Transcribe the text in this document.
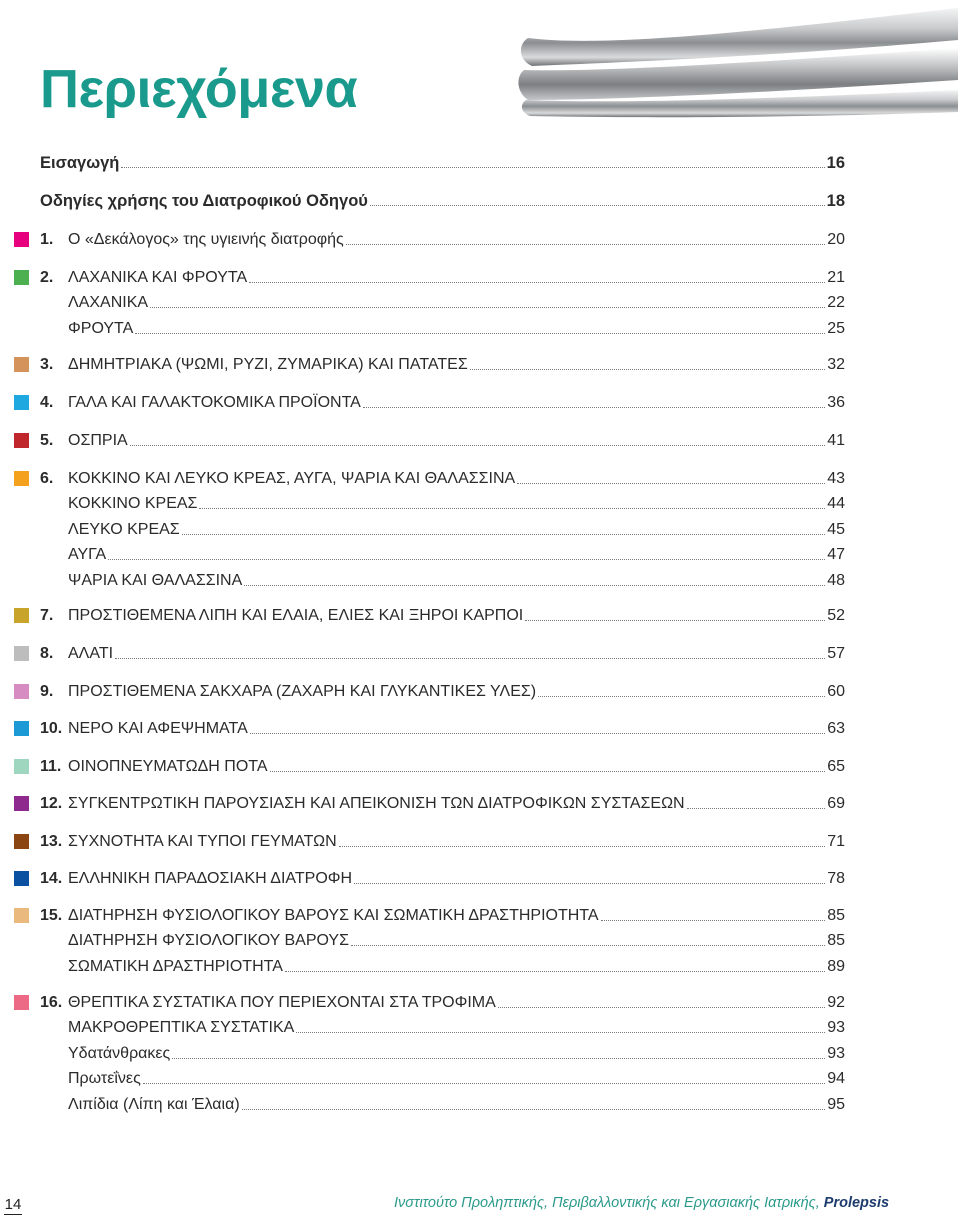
Περιεχόμενα
Εισαγωγή	16
Οδηγίες χρήσης του Διατροφικού Οδηγού	18
1. Ο «Δεκάλογος» της υγιεινής διατροφής	20
2. ΛΑΧΑΝΙΚΑ ΚΑΙ ΦΡΟΥΤΑ	21
ΛΑΧΑΝΙΚΑ	22
ΦΡΟΥΤΑ	25
3. ΔΗΜΗΤΡΙΑΚΑ (ΨΩΜΙ, ΡΥΖΙ, ΖΥΜΑΡΙΚΑ) ΚΑΙ ΠΑΤΑΤΕΣ	32
4. ΓΑΛΑ ΚΑΙ ΓΑΛΑΚΤΟΚΟΜΙΚΑ ΠΡΟΪΟΝΤΑ	36
5. ΟΣΠΡΙΑ	41
6. ΚΟΚΚΙΝΟ ΚΑΙ ΛΕΥΚΟ ΚΡΕΑΣ, ΑΥΓΑ, ΨΑΡΙΑ ΚΑΙ ΘΑΛΑΣΣΙΝΑ	43
ΚΟΚΚΙΝΟ ΚΡΕΑΣ	44
ΛΕΥΚΟ ΚΡΕΑΣ	45
ΑΥΓΑ	47
ΨΑΡΙΑ ΚΑΙ ΘΑΛΑΣΣΙΝΑ	48
7. ΠΡΟΣΤΙΘΕΜΕΝΑ ΛΙΠΗ ΚΑΙ ΕΛΑΙΑ, ΕΛΙΕΣ ΚΑΙ ΞΗΡΟΙ ΚΑΡΠΟΙ	52
8. ΑΛΑΤΙ	57
9. ΠΡΟΣΤΙΘΕΜΕΝΑ ΣΑΚΧΑΡΑ (ΖΑΧΑΡΗ ΚΑΙ ΓΛΥΚΑΝΤΙΚΕΣ ΥΛΕΣ)	60
10. ΝΕΡΟ ΚΑΙ ΑΦΕΨΗΜΑΤΑ	63
11. ΟΙΝΟΠΝΕΥΜΑΤΩΔΗ ΠΟΤΑ	65
12. ΣΥΓΚΕΝΤΡΩΤΙΚΗ ΠΑΡΟΥΣΙΑΣΗ ΚΑΙ ΑΠΕΙΚΟΝΙΣΗ ΤΩΝ ΔΙΑΤΡΟΦΙΚΩΝ ΣΥΣΤΑΣΕΩΝ	69
13. ΣΥΧΝΟΤΗΤΑ ΚΑΙ ΤΥΠΟΙ ΓΕΥΜΑΤΩΝ	71
14. ΕΛΛΗΝΙΚΗ ΠΑΡΑΔΟΣΙΑΚΗ ΔΙΑΤΡΟΦΗ	78
15. ΔΙΑΤΗΡΗΣΗ ΦΥΣΙΟΛΟΓΙΚΟΥ ΒΑΡΟΥΣ ΚΑΙ ΣΩΜΑΤΙΚΗ ΔΡΑΣΤΗΡΙΟΤΗΤΑ	85
ΔΙΑΤΗΡΗΣΗ ΦΥΣΙΟΛΟΓΙΚΟΥ ΒΑΡΟΥΣ	85
ΣΩΜΑΤΙΚΗ ΔΡΑΣΤΗΡΙΟΤΗΤΑ	89
16. ΘΡΕΠΤΙΚΑ ΣΥΣΤΑΤΙΚΑ ΠΟΥ ΠΕΡΙΕΧΟΝΤΑΙ ΣΤΑ ΤΡΟΦΙΜΑ	92
ΜΑΚΡΟΘΡΕΠΤΙΚΑ ΣΥΣΤΑΤΙΚΑ	93
Υδατάνθρακες	93
Πρωτεΐνες	94
Λιπίδια (Λίπη και Έλαια)	95
14	Ινστιτούτο Προληπτικής, Περιβαλλοντικής και Εργασιακής Ιατρικής, Prolepsis
